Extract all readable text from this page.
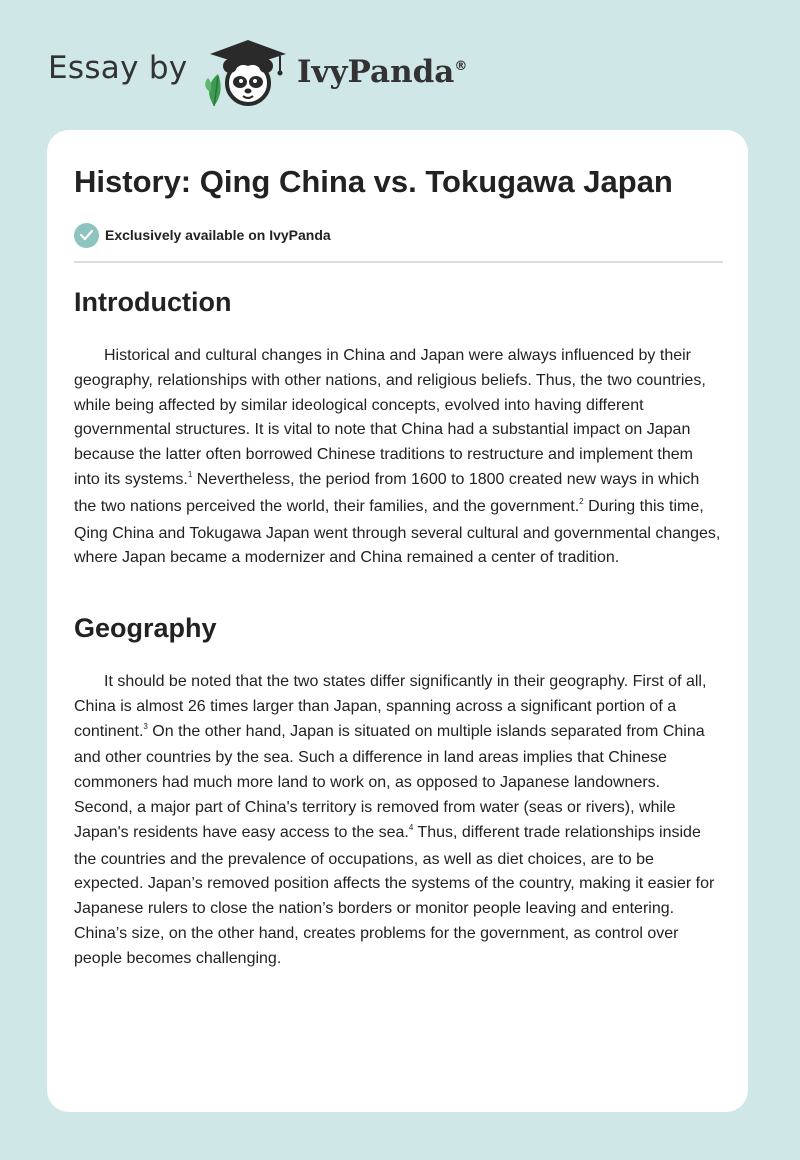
Essay by	IvyPanda®
History: Qing China vs. Tokugawa Japan
Exclusively available on IvyPanda
Introduction

Historical and cultural changes in China and Japan were always influenced by their geography, relationships with other nations, and religious beliefs. Thus, the two countries, while being affected by similar ideological concepts, evolved into having different governmental structures. It is vital to note that China had a substantial impact on Japan because the latter often borrowed Chinese traditions to restructure and implement them into its systems.$^1$ Nevertheless, the period from 1600 to 1800 created new ways in which the two nations perceived the world, their families, and the government.$^2$ During this time, Qing China and Tokugawa Japan went through several cultural and governmental changes, where Japan became a modernizer and China remained a center of tradition.

Geography

It should be noted that the two states differ significantly in their geography. First of all, China is almost 26 times larger than Japan, spanning across a significant portion of a continent.$^3$ On the other hand, Japan is situated on multiple islands separated from China and other countries by the sea. Such a difference in land areas implies that Chinese commoners had much more land to work on, as opposed to Japanese landowners. Second, a major part of China's territory is removed from water (seas or rivers), while Japan's residents have easy access to the sea.$^4$ Thus, different trade relationships inside the countries and the prevalence of occupations, as well as diet choices, are to be expected. Japan’s removed position affects the systems of the country, making it easier for Japanese rulers to close the nation’s borders or monitor people leaving and entering. China’s size, on the other hand, creates problems for the government, as control over people becomes challenging.
